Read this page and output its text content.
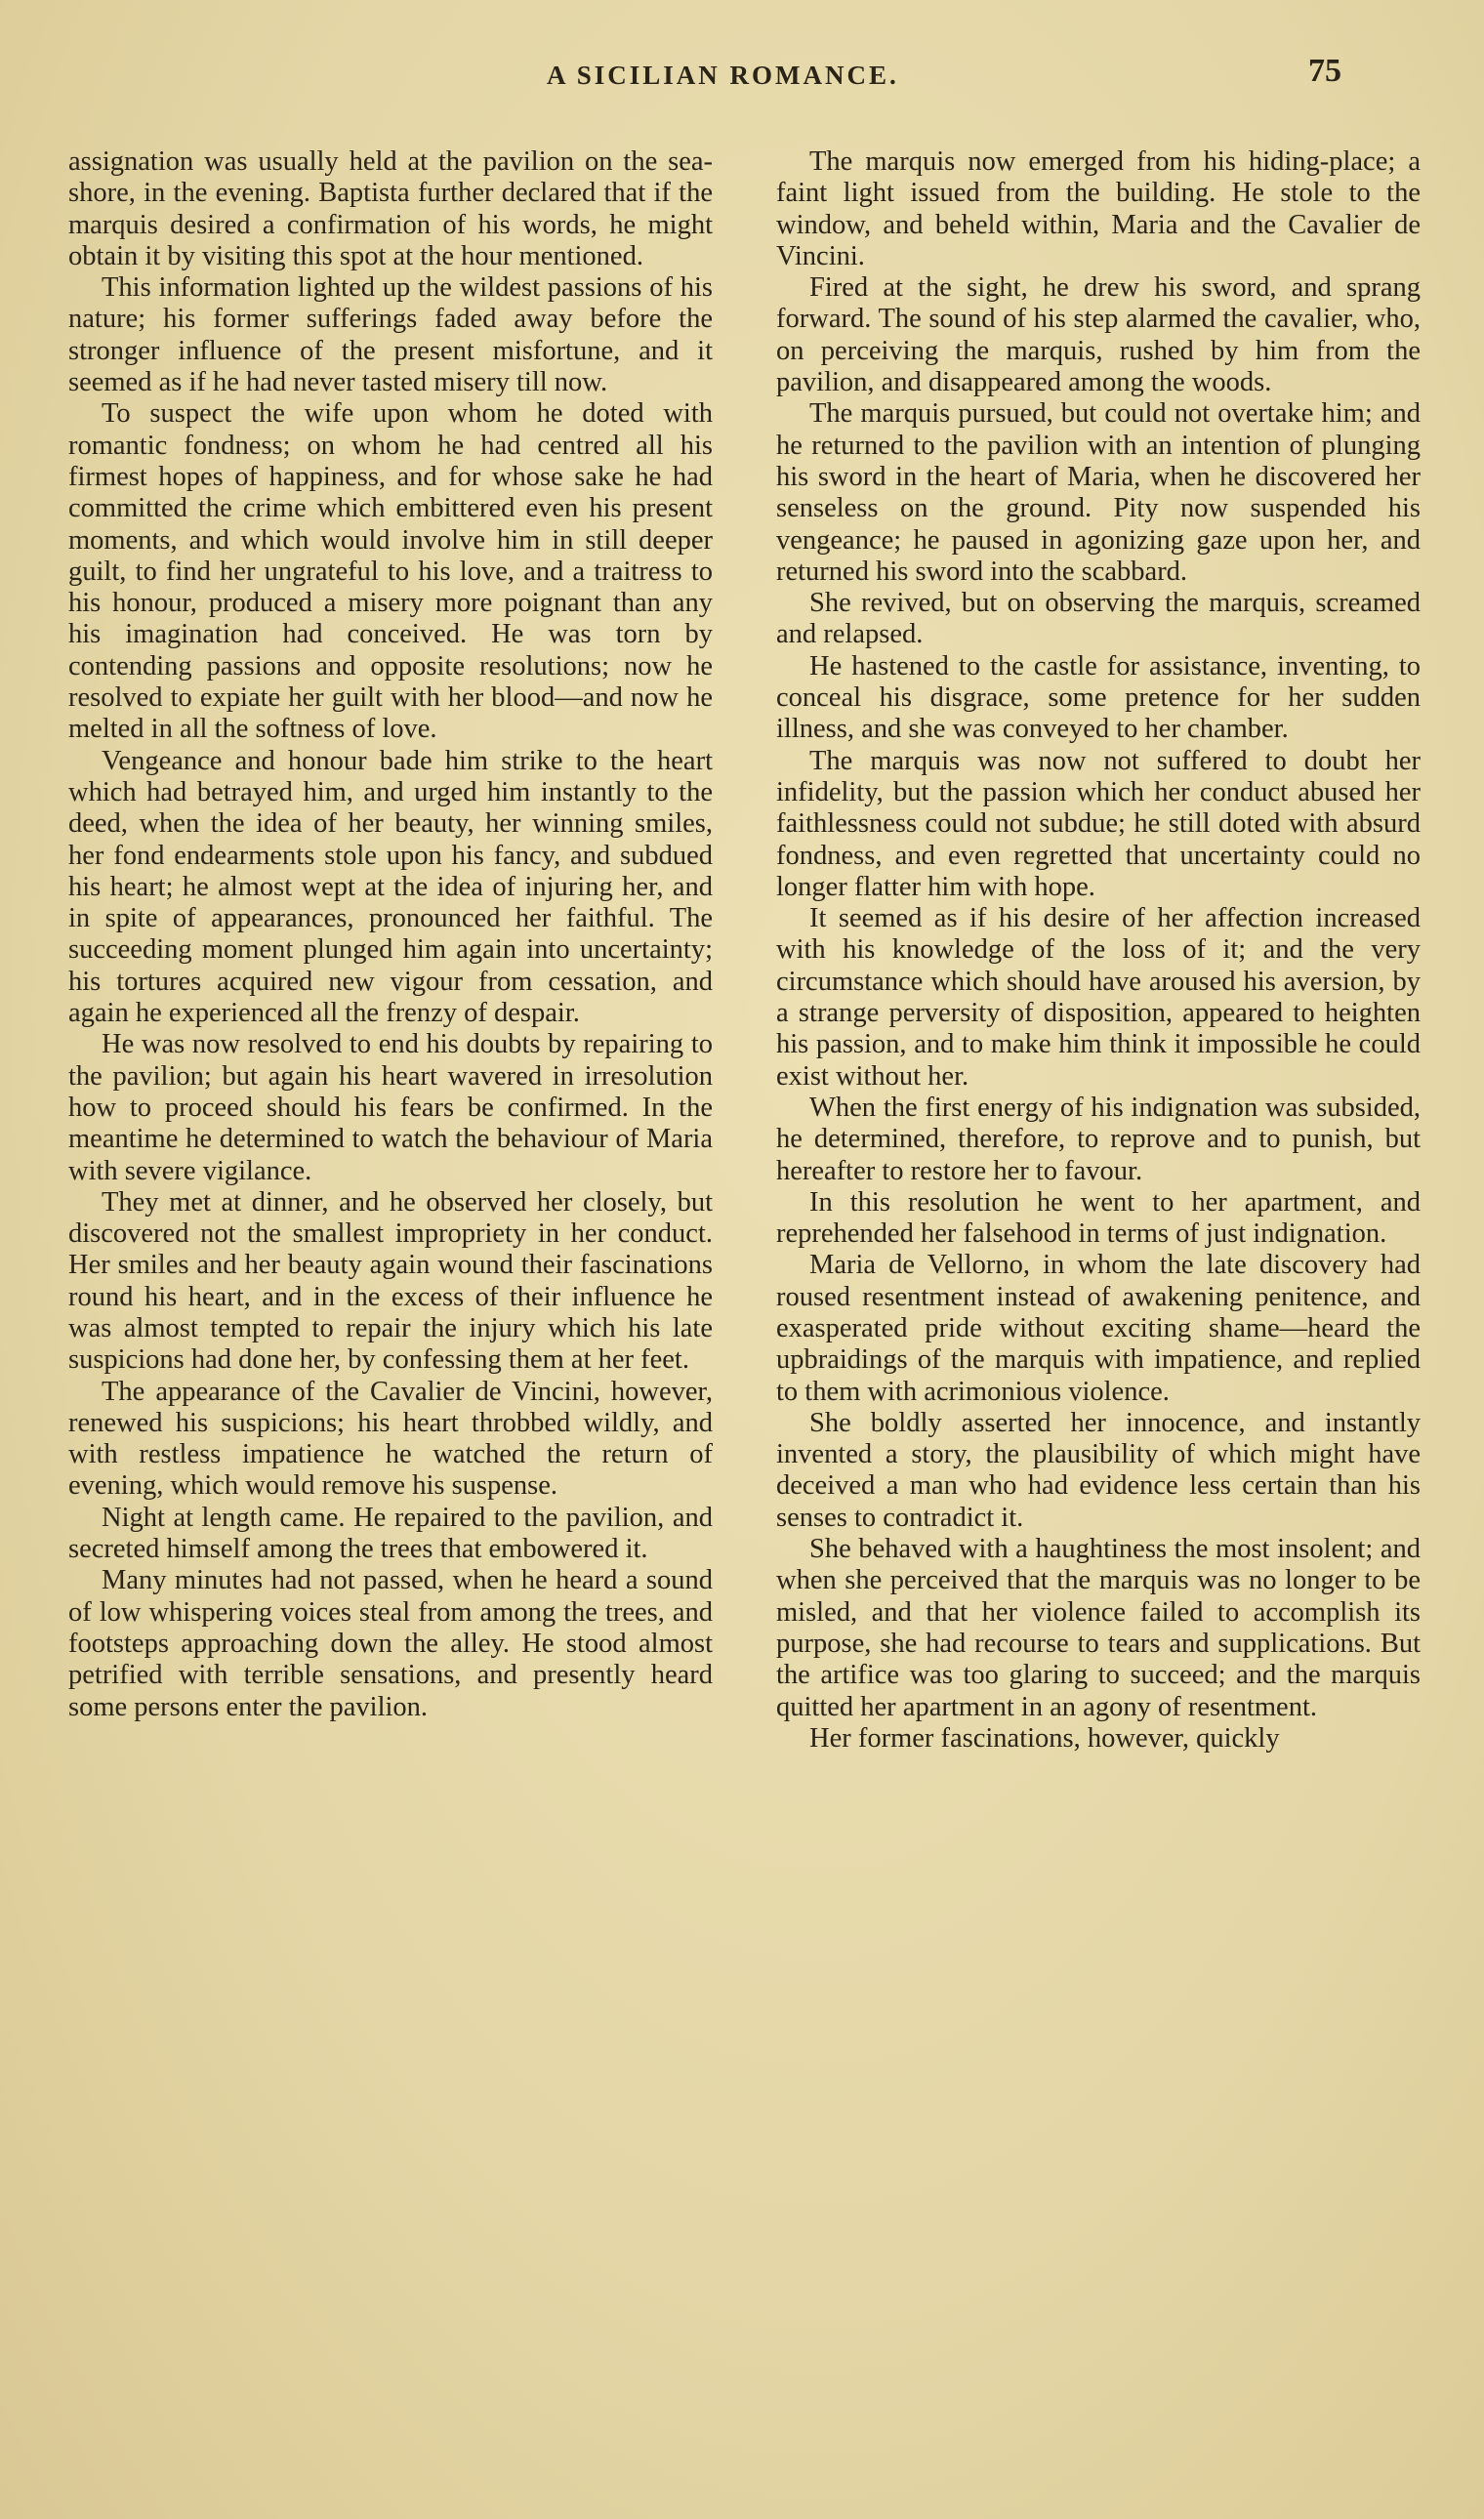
A SICILIAN ROMANCE.	75

assignation was usually held at the pavilion on the sea-shore, in the evening. Baptista further declared that if the marquis desired a confirmation of his words, he might obtain it by visiting this spot at the hour mentioned.

This information lighted up the wildest passions of his nature; his former sufferings faded away before the stronger influence of the present misfortune, and it seemed as if he had never tasted misery till now.

To suspect the wife upon whom he doted with romantic fondness; on whom he had centred all his firmest hopes of happiness, and for whose sake he had committed the crime which embittered even his present moments, and which would involve him in still deeper guilt, to find her ungrateful to his love, and a traitress to his honour, produced a misery more poignant than any his imagination had conceived. He was torn by contending passions and opposite resolutions; now he resolved to expiate her guilt with her blood—and now he melted in all the softness of love.

Vengeance and honour bade him strike to the heart which had betrayed him, and urged him instantly to the deed, when the idea of her beauty, her winning smiles, her fond endearments stole upon his fancy, and subdued his heart; he almost wept at the idea of injuring her, and in spite of appearances, pronounced her faithful. The succeeding moment plunged him again into uncertainty; his tortures acquired new vigour from cessation, and again he experienced all the frenzy of despair.

He was now resolved to end his doubts by repairing to the pavilion; but again his heart wavered in irresolution how to proceed should his fears be confirmed. In the meantime he determined to watch the behaviour of Maria with severe vigilance.

They met at dinner, and he observed her closely, but discovered not the smallest impropriety in her conduct. Her smiles and her beauty again wound their fascinations round his heart, and in the excess of their influence he was almost tempted to repair the injury which his late suspicions had done her, by confessing them at her feet.

The appearance of the Cavalier de Vincini, however, renewed his suspicions; his heart throbbed wildly, and with restless impatience he watched the return of evening, which would remove his suspense.

Night at length came. He repaired to the pavilion, and secreted himself among the trees that embowered it.

Many minutes had not passed, when he heard a sound of low whispering voices steal from among the trees, and footsteps approaching down the alley. He stood almost petrified with terrible sensations, and presently heard some persons enter the pavilion.

The marquis now emerged from his hiding-place; a faint light issued from the building. He stole to the window, and beheld within, Maria and the Cavalier de Vincini.

Fired at the sight, he drew his sword, and sprang forward. The sound of his step alarmed the cavalier, who, on perceiving the marquis, rushed by him from the pavilion, and disappeared among the woods.

The marquis pursued, but could not overtake him; and he returned to the pavilion with an intention of plunging his sword in the heart of Maria, when he discovered her senseless on the ground. Pity now suspended his vengeance; he paused in agonizing gaze upon her, and returned his sword into the scabbard.

She revived, but on observing the marquis, screamed and relapsed.

He hastened to the castle for assistance, inventing, to conceal his disgrace, some pretence for her sudden illness, and she was conveyed to her chamber.

The marquis was now not suffered to doubt her infidelity, but the passion which her conduct abused her faithlessness could not subdue; he still doted with absurd fondness, and even regretted that uncertainty could no longer flatter him with hope.

It seemed as if his desire of her affection increased with his knowledge of the loss of it; and the very circumstance which should have aroused his aversion, by a strange perversity of disposition, appeared to heighten his passion, and to make him think it impossible he could exist without her.

When the first energy of his indignation was subsided, he determined, therefore, to reprove and to punish, but hereafter to restore her to favour.

In this resolution he went to her apartment, and reprehended her falsehood in terms of just indignation.

Maria de Vellorno, in whom the late discovery had roused resentment instead of awakening penitence, and exasperated pride without exciting shame—heard the upbraidings of the marquis with impatience, and replied to them with acrimonious violence.

She boldly asserted her innocence, and instantly invented a story, the plausibility of which might have deceived a man who had evidence less certain than his senses to contradict it.

She behaved with a haughtiness the most insolent; and when she perceived that the marquis was no longer to be misled, and that her violence failed to accomplish its purpose, she had recourse to tears and supplications. But the artifice was too glaring to succeed; and the marquis quitted her apartment in an agony of resentment.

Her former fascinations, however, quickly
